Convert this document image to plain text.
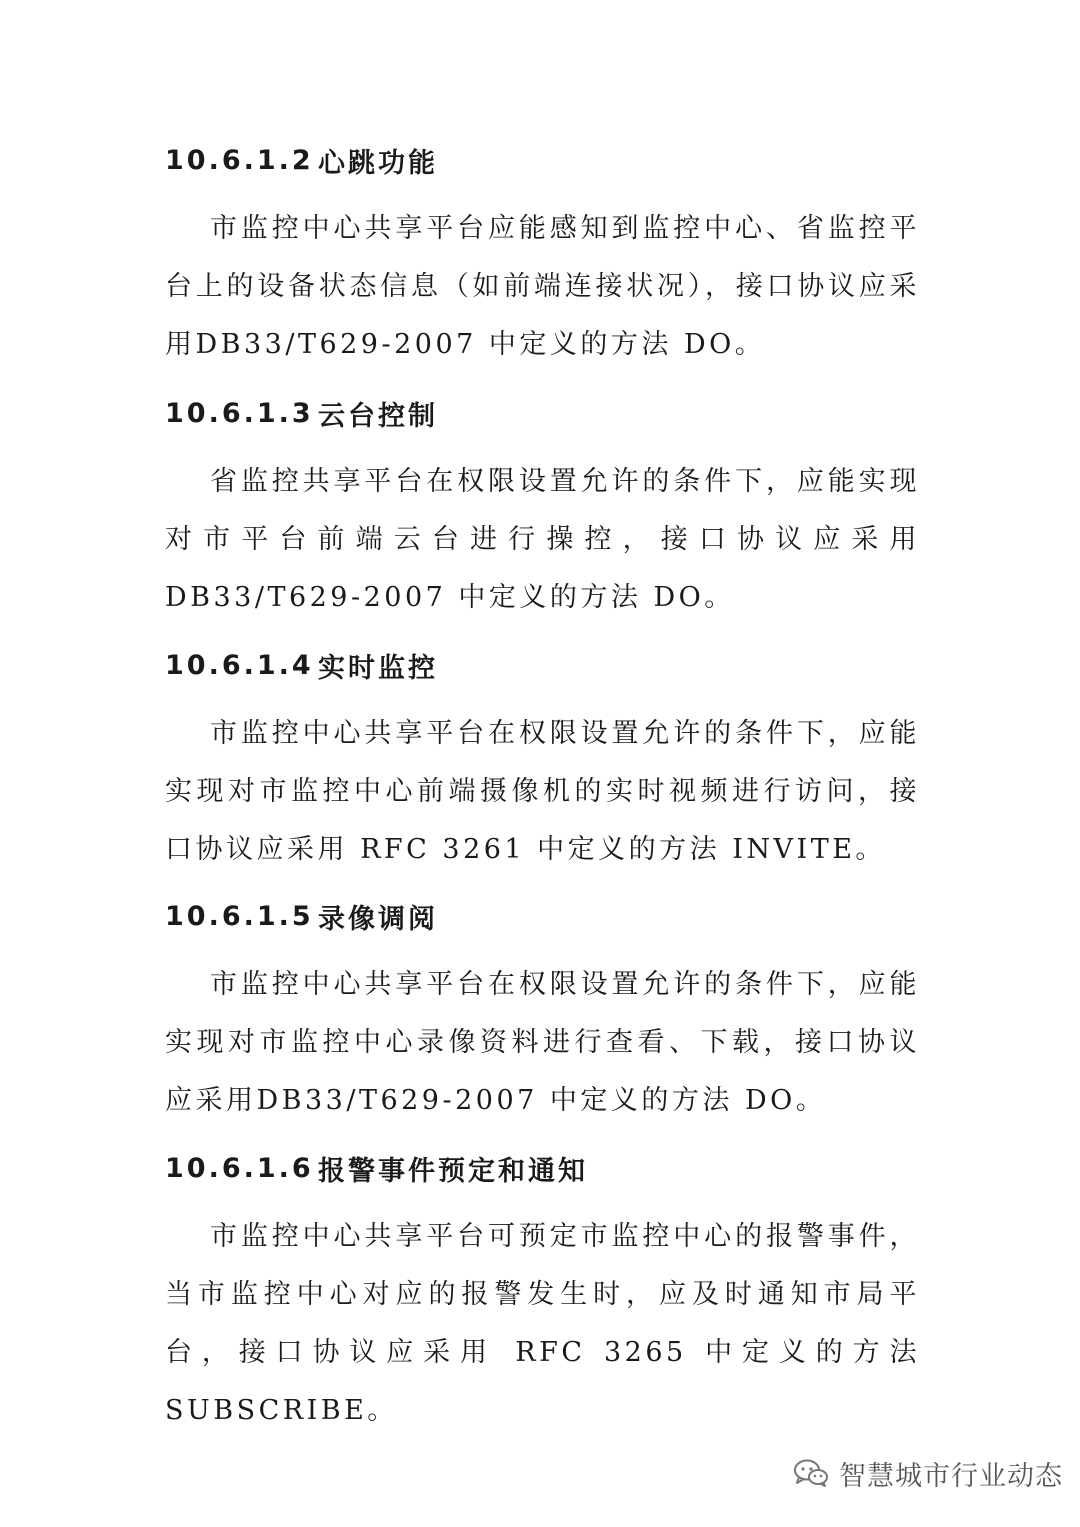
10.6.1.2 心跳功能
市监控中心共享平台应能感知到监控中心、省监控平台上的设备状态信息（如前端连接状况），接口协议应采用DB33/T629-2007 中定义的方法 DO。
10.6.1.3 云台控制
省监控共享平台在权限设置允许的条件下，应能实现对市平台前端云台进行操控，接口协议应采用 DB33/T629-2007 中定义的方法 DO。
10.6.1.4 实时监控
市监控中心共享平台在权限设置允许的条件下，应能实现对市监控中心前端摄像机的实时视频进行访问，接口协议应采用 RFC 3261 中定义的方法 INVITE。
10.6.1.5 录像调阅
市监控中心共享平台在权限设置允许的条件下，应能实现对市监控中心录像资料进行查看、下载，接口协议应采用DB33/T629-2007 中定义的方法 DO。
10.6.1.6 报警事件预定和通知
市监控中心共享平台可预定市监控中心的报警事件，当市监控中心对应的报警发生时，应及时通知市局平台，接口协议应采用 RFC 3265 中定义的方法 SUBSCRIBE。
智慧城市行业动态
